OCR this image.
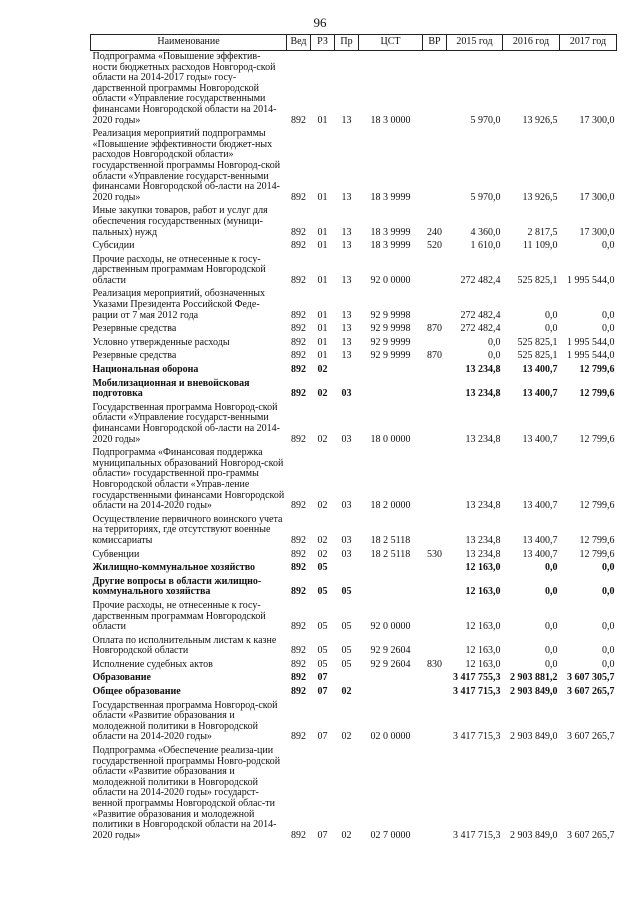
96
Наименование	Вед	РЗ	Пр	ЦСТ	ВР	2015 год	2016 год	2017 год
Подпрограмма «Повышение эффектив-ности бюджетных расходов Новгород-ской области на 2014-2017 годы» госу-дарственной программы Новгородской области «Управление государственными финансами Новгородской области на 2014-2020 годы»	892	01	13	18 3 0000		5 970,0	13 926,5	17 300,0
Реализация мероприятий подпрограммы «Повышение эффективности бюджет-ных расходов Новгородской области» государственной программы Новгород-ской области «Управление государст-венными финансами Новгородской об-ласти на 2014-2020 годы»	892	01	13	18 3 9999		5 970,0	13 926,5	17 300,0
Иные закупки товаров, работ и услуг для обеспечения государственных (муници-пальных) нужд	892	01	13	18 3 9999	240	4 360,0	2 817,5	17 300,0
Субсидии	892	01	13	18 3 9999	520	1 610,0	11 109,0	0,0
Прочие расходы, не отнесенные к госу-дарственным программам Новгородской области	892	01	13	92 0 0000		272 482,4	525 825,1	1 995 544,0
Реализация мероприятий, обозначенных Указами Президента Российской Феде-рации от 7 мая 2012 года	892	01	13	92 9 9998		272 482,4	0,0	0,0
Резервные средства	892	01	13	92 9 9998	870	272 482,4	0,0	0,0
Условно утвержденные расходы	892	01	13	92 9 9999		0,0	525 825,1	1 995 544,0
Резервные средства	892	01	13	92 9 9999	870	0,0	525 825,1	1 995 544,0
Национальная оборона	892	02				13 234,8	13 400,7	12 799,6
Мобилизационная и вневойсковая подготовка	892	02	03			13 234,8	13 400,7	12 799,6
Государственная программа Новгород-ской области «Управление государст-венными финансами Новгородской об-ласти на 2014-2020 годы»	892	02	03	18 0 0000		13 234,8	13 400,7	12 799,6
Подпрограмма «Финансовая поддержка муниципальных образований Новгород-ской области» государственной про-граммы Новгородской области «Управ-ление государственными финансами Новгородской области на 2014-2020 годы»	892	02	03	18 2 0000		13 234,8	13 400,7	12 799,6
Осуществление первичного воинского учета на территориях, где отсутствуют военные комиссариаты	892	02	03	18 2 5118		13 234,8	13 400,7	12 799,6
Субвенции	892	02	03	18 2 5118	530	13 234,8	13 400,7	12 799,6
Жилищно-коммунальное хозяйство	892	05				12 163,0	0,0	0,0
Другие вопросы в области жилищно-коммунального хозяйства	892	05	05			12 163,0	0,0	0,0
Прочие расходы, не отнесенные к госу-дарственным программам Новгородской области	892	05	05	92 0 0000		12 163,0	0,0	0,0
Оплата по исполнительным листам к казне Новгородской области	892	05	05	92 9 2604		12 163,0	0,0	0,0
Исполнение судебных актов	892	05	05	92 9 2604	830	12 163,0	0,0	0,0
Образование	892	07				3 417 755,3	2 903 881,2	3 607 305,7
Общее образование	892	07	02			3 417 715,3	2 903 849,0	3 607 265,7
Государственная программа Новгород-ской области «Развитие образования и молодежной политики в Новгородской области на 2014-2020 годы»	892	07	02	02 0 0000		3 417 715,3	2 903 849,0	3 607 265,7
Подпрограмма «Обеспечение реализа-ции государственной программы Новго-родской области «Развитие образования и молодежной политики в Новгородской области на 2014-2020 годы» государст-венной программы Новгородской облас-ти «Развитие образования и молодежной политики в Новгородской области на 2014-2020 годы»	892	07	02	02 7 0000		3 417 715,3	2 903 849,0	3 607 265,7
